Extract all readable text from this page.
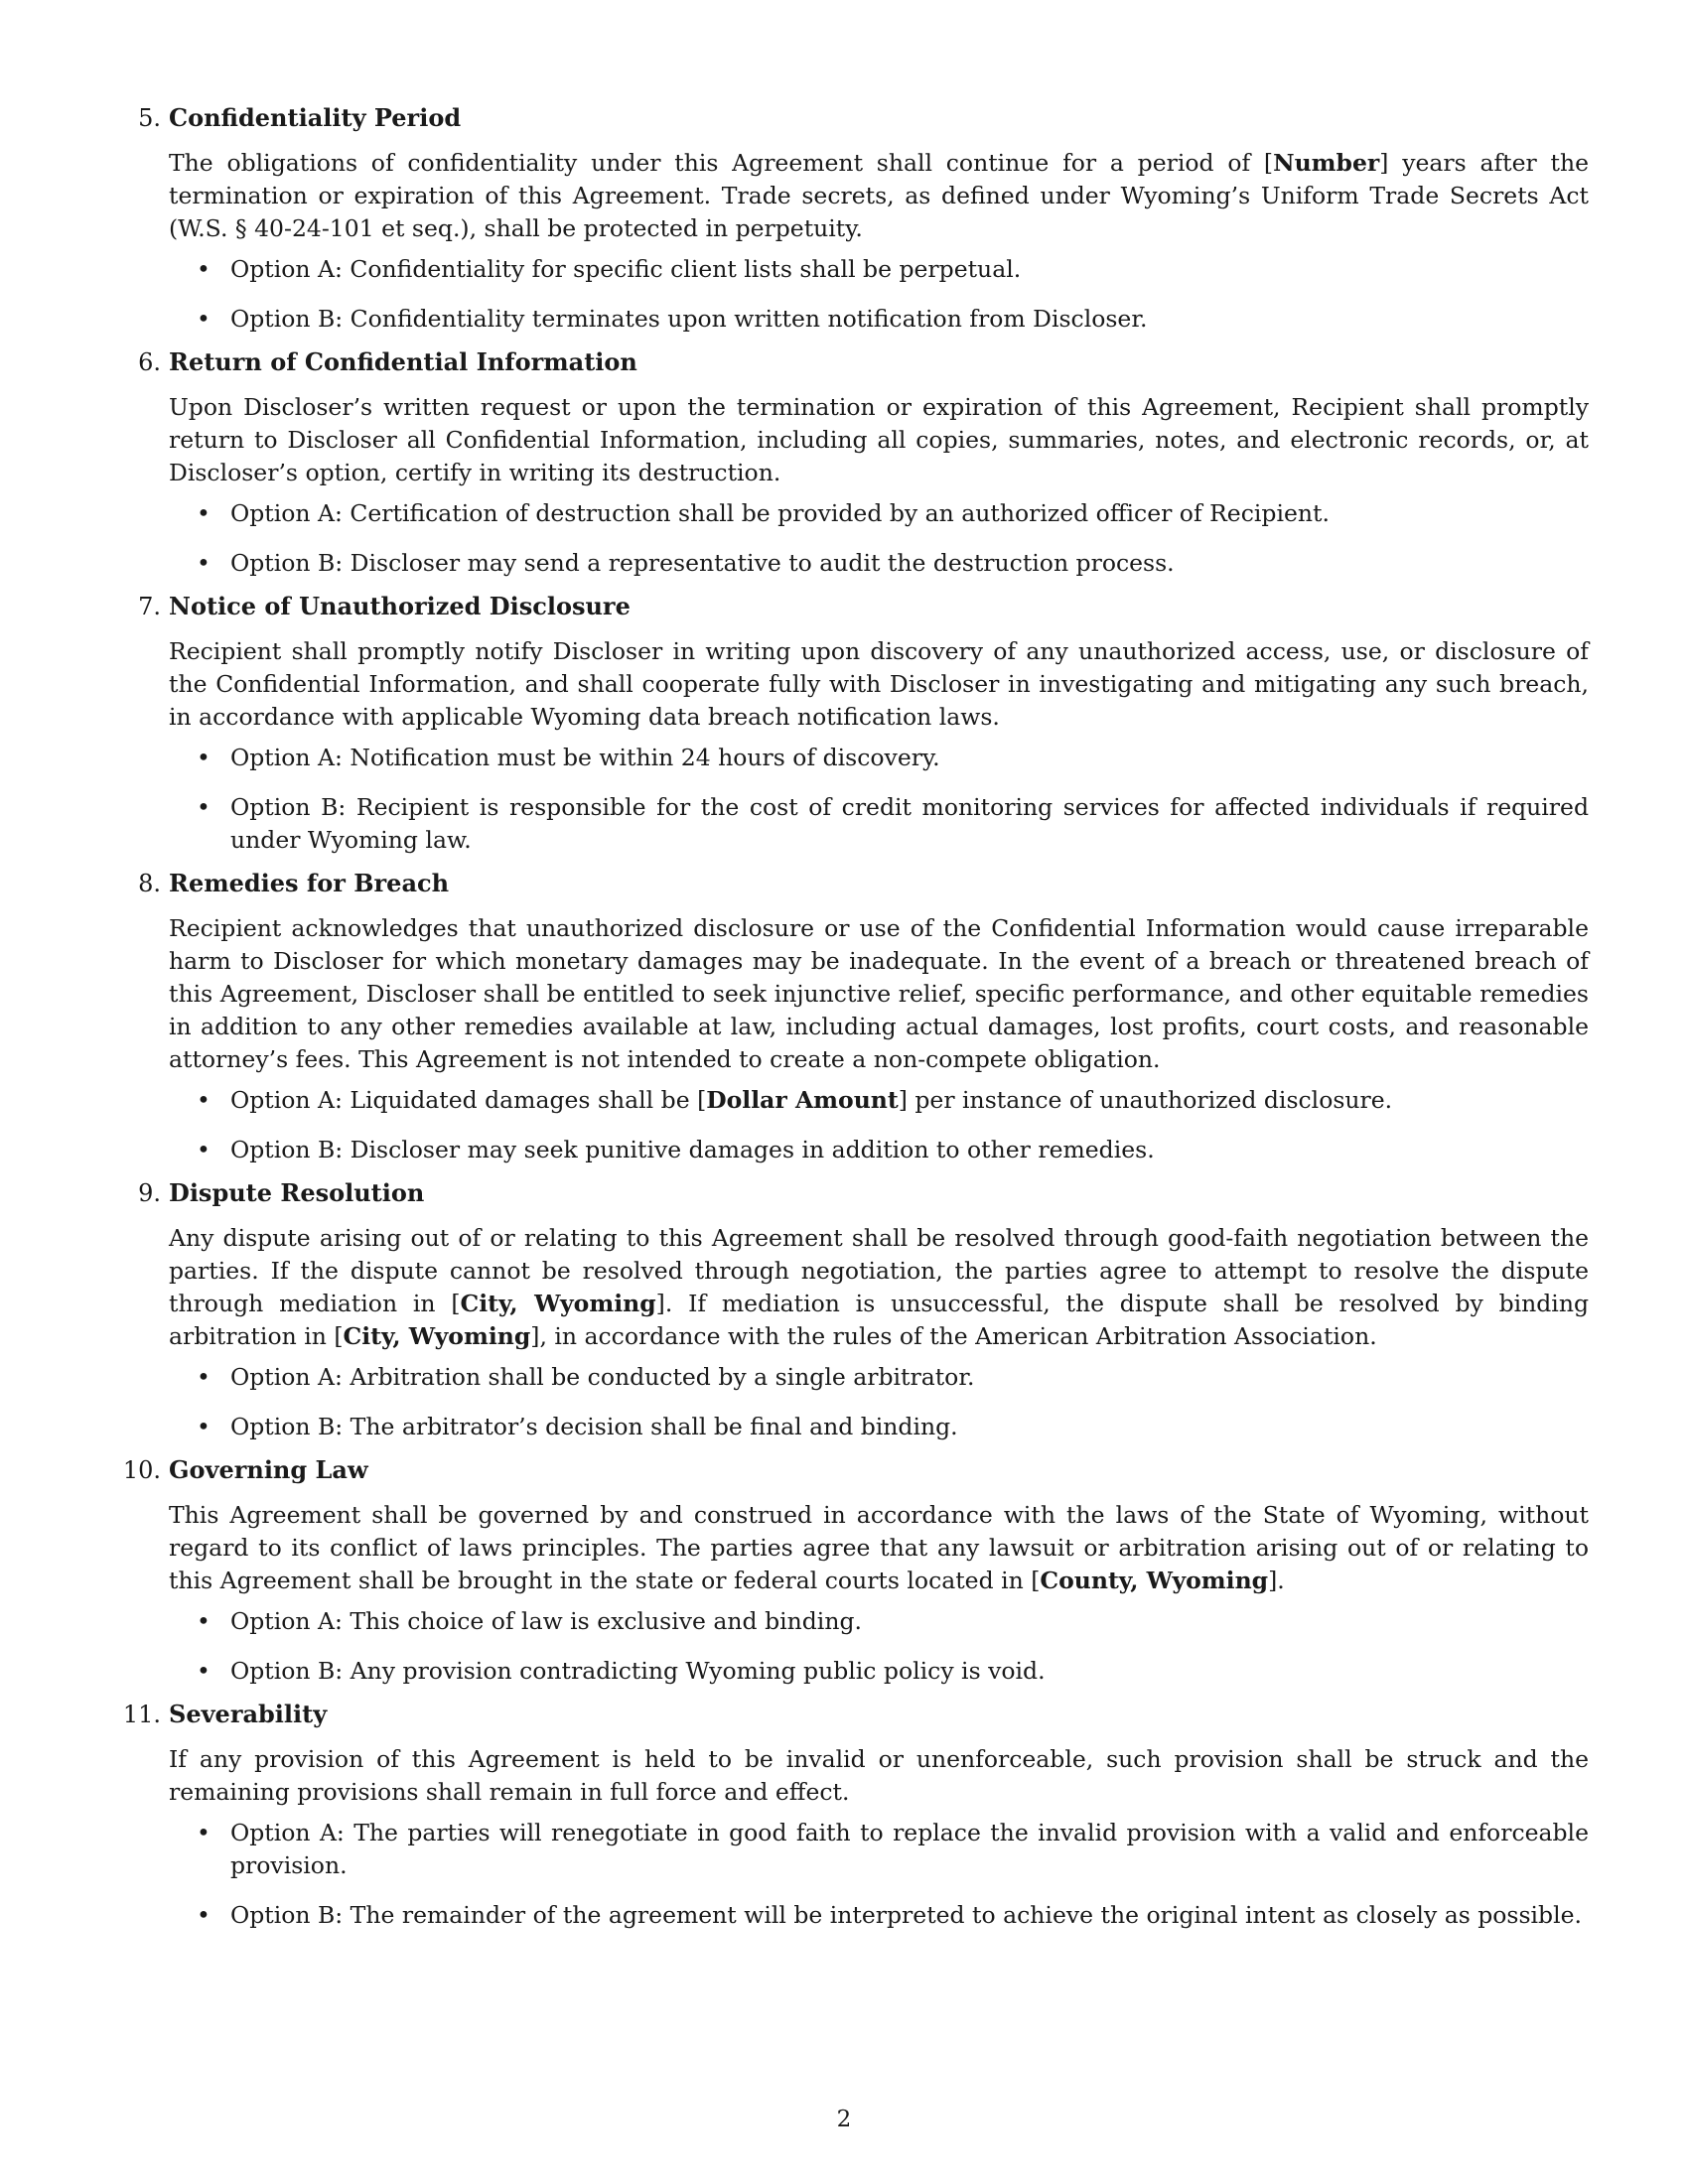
5. Confidentiality Period

The obligations of confidentiality under this Agreement shall continue for a period of [Number] years after the termination or expiration of this Agreement. Trade secrets, as defined under Wyoming’s Uniform Trade Secrets Act (W.S. § 40-24-101 et seq.), shall be protected in perpetuity.

• Option A: Confidentiality for specific client lists shall be perpetual.
• Option B: Confidentiality terminates upon written notification from Discloser.
6. Return of Confidential Information

Upon Discloser’s written request or upon the termination or expiration of this Agreement, Recipient shall promptly return to Discloser all Confidential Information, including all copies, summaries, notes, and electronic records, or, at Discloser’s option, certify in writing its destruction.

• Option A: Certification of destruction shall be provided by an authorized officer of Recipient.
• Option B: Discloser may send a representative to audit the destruction process.
7. Notice of Unauthorized Disclosure

Recipient shall promptly notify Discloser in writing upon discovery of any unauthorized access, use, or disclosure of the Confidential Information, and shall cooperate fully with Discloser in investigating and mitigating any such breach, in accordance with applicable Wyoming data breach notification laws.

• Option A: Notification must be within 24 hours of discovery.
• Option B: Recipient is responsible for the cost of credit monitoring services for affected individuals if required under Wyoming law.
8. Remedies for Breach

Recipient acknowledges that unauthorized disclosure or use of the Confidential Information would cause irreparable harm to Discloser for which monetary damages may be inadequate. In the event of a breach or threatened breach of this Agreement, Discloser shall be entitled to seek injunctive relief, specific performance, and other equitable remedies in addition to any other remedies available at law, including actual damages, lost profits, court costs, and reasonable attorney’s fees. This Agreement is not intended to create a non-compete obligation.

• Option A: Liquidated damages shall be [Dollar Amount] per instance of unauthorized disclosure.
• Option B: Discloser may seek punitive damages in addition to other remedies.
9. Dispute Resolution

Any dispute arising out of or relating to this Agreement shall be resolved through good-faith negotiation between the parties. If the dispute cannot be resolved through negotiation, the parties agree to attempt to resolve the dispute through mediation in [City, Wyoming]. If mediation is unsuccessful, the dispute shall be resolved by binding arbitration in [City, Wyoming], in accordance with the rules of the American Arbitration Association.

• Option A: Arbitration shall be conducted by a single arbitrator.
• Option B: The arbitrator’s decision shall be final and binding.
10. Governing Law

This Agreement shall be governed by and construed in accordance with the laws of the State of Wyoming, without regard to its conflict of laws principles. The parties agree that any lawsuit or arbitration arising out of or relating to this Agreement shall be brought in the state or federal courts located in [County, Wyoming].

• Option A: This choice of law is exclusive and binding.
• Option B: Any provision contradicting Wyoming public policy is void.
11. Severability

If any provision of this Agreement is held to be invalid or unenforceable, such provision shall be struck and the remaining provisions shall remain in full force and effect.

• Option A: The parties will renegotiate in good faith to replace the invalid provision with a valid and enforceable provision.
• Option B: The remainder of the agreement will be interpreted to achieve the original intent as closely as possible.
2
